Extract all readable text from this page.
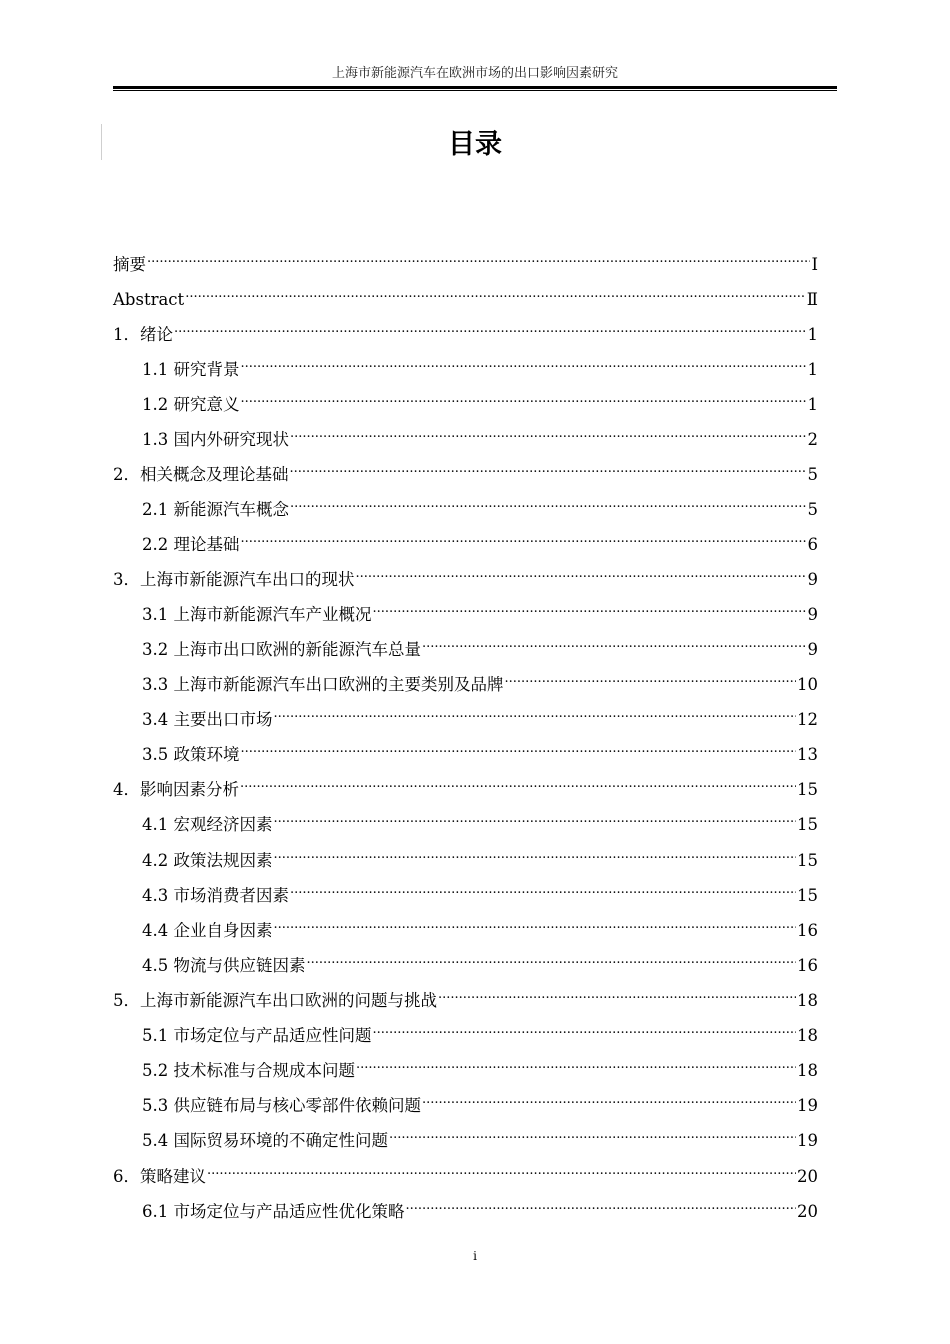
上海市新能源汽车在欧洲市场的出口影响因素研究
目录
摘要 .....	I
Abstract .....	Ⅱ
1．绪论 .....	1
1.1 研究背景 .....	1
1.2 研究意义 .....	1
1.3 国内外研究现状 .....	2
2．相关概念及理论基础 .....	5
2.1 新能源汽车概念 .....	5
2.2 理论基础 .....	6
3．上海市新能源汽车出口的现状 .....	9
3.1 上海市新能源汽车产业概况 .....	9
3.2 上海市出口欧洲的新能源汽车总量 .....	9
3.3 上海市新能源汽车出口欧洲的主要类别及品牌 .....	10
3.4 主要出口市场 .....	12
3.5 政策环境 .....	13
4．影响因素分析 .....	15
4.1 宏观经济因素 .....	15
4.2 政策法规因素 .....	15
4.3 市场消费者因素 .....	15
4.4 企业自身因素 .....	16
4.5 物流与供应链因素 .....	16
5．上海市新能源汽车出口欧洲的问题与挑战 .....	18
5.1 市场定位与产品适应性问题 .....	18
5.2 技术标准与合规成本问题 .....	18
5.3 供应链布局与核心零部件依赖问题 .....	19
5.4 国际贸易环境的不确定性问题 .....	19
6．策略建议 .....	20
6.1 市场定位与产品适应性优化策略 .....	20
i
